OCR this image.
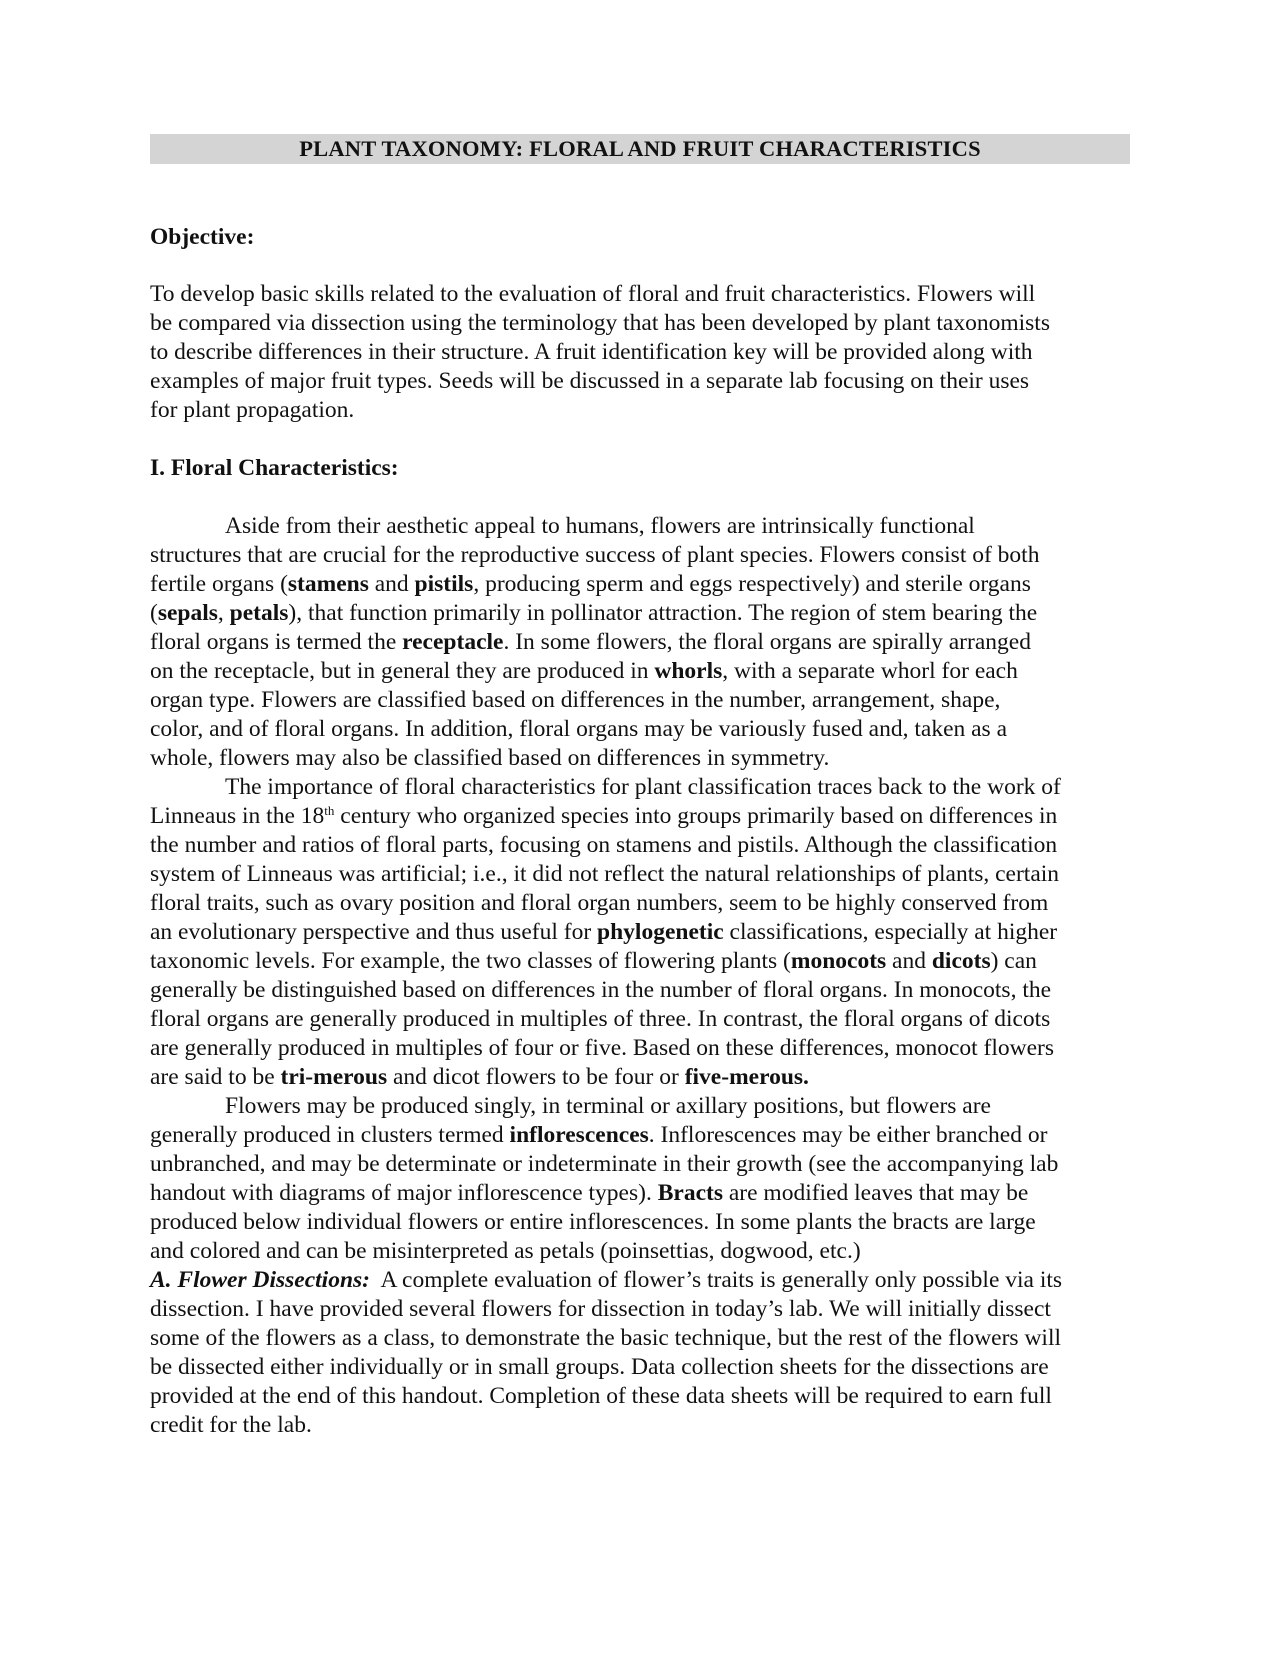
PLANT TAXONOMY: FLORAL AND FRUIT CHARACTERISTICS
Objective:
To develop basic skills related to the evaluation of floral and fruit characteristics. Flowers will
be compared via dissection using the terminology that has been developed by plant taxonomists
to describe differences in their structure. A fruit identification key will be provided along with
examples of major fruit types. Seeds will be discussed in a separate lab focusing on their uses
for plant propagation.
I. Floral Characteristics:
Aside from their aesthetic appeal to humans, flowers are intrinsically functional
structures that are crucial for the reproductive success of plant species. Flowers consist of both
fertile organs (stamens and pistils, producing sperm and eggs respectively) and sterile organs
(sepals, petals), that function primarily in pollinator attraction. The region of stem bearing the
floral organs is termed the receptacle. In some flowers, the floral organs are spirally arranged
on the receptacle, but in general they are produced in whorls, with a separate whorl for each
organ type. Flowers are classified based on differences in the number, arrangement, shape,
color, and of floral organs. In addition, floral organs may be variously fused and, taken as a
whole, flowers may also be classified based on differences in symmetry.
The importance of floral characteristics for plant classification traces back to the work of
Linneaus in the 18th century who organized species into groups primarily based on differences in
the number and ratios of floral parts, focusing on stamens and pistils. Although the classification
system of Linneaus was artificial; i.e., it did not reflect the natural relationships of plants, certain
floral traits, such as ovary position and floral organ numbers, seem to be highly conserved from
an evolutionary perspective and thus useful for phylogenetic classifications, especially at higher
taxonomic levels. For example, the two classes of flowering plants (monocots and dicots) can
generally be distinguished based on differences in the number of floral organs. In monocots, the
floral organs are generally produced in multiples of three. In contrast, the floral organs of dicots
are generally produced in multiples of four or five. Based on these differences, monocot flowers
are said to be tri-merous and dicot flowers to be four or five-merous.
Flowers may be produced singly, in terminal or axillary positions, but flowers are
generally produced in clusters termed inflorescences. Inflorescences may be either branched or
unbranched, and may be determinate or indeterminate in their growth (see the accompanying lab
handout with diagrams of major inflorescence types). Bracts are modified leaves that may be
produced below individual flowers or entire inflorescences. In some plants the bracts are large
and colored and can be misinterpreted as petals (poinsettias, dogwood, etc.)
A. Flower Dissections:  A complete evaluation of flower’s traits is generally only possible via its
dissection. I have provided several flowers for dissection in today’s lab. We will initially dissect
some of the flowers as a class, to demonstrate the basic technique, but the rest of the flowers will
be dissected either individually or in small groups. Data collection sheets for the dissections are
provided at the end of this handout. Completion of these data sheets will be required to earn full
credit for the lab.
